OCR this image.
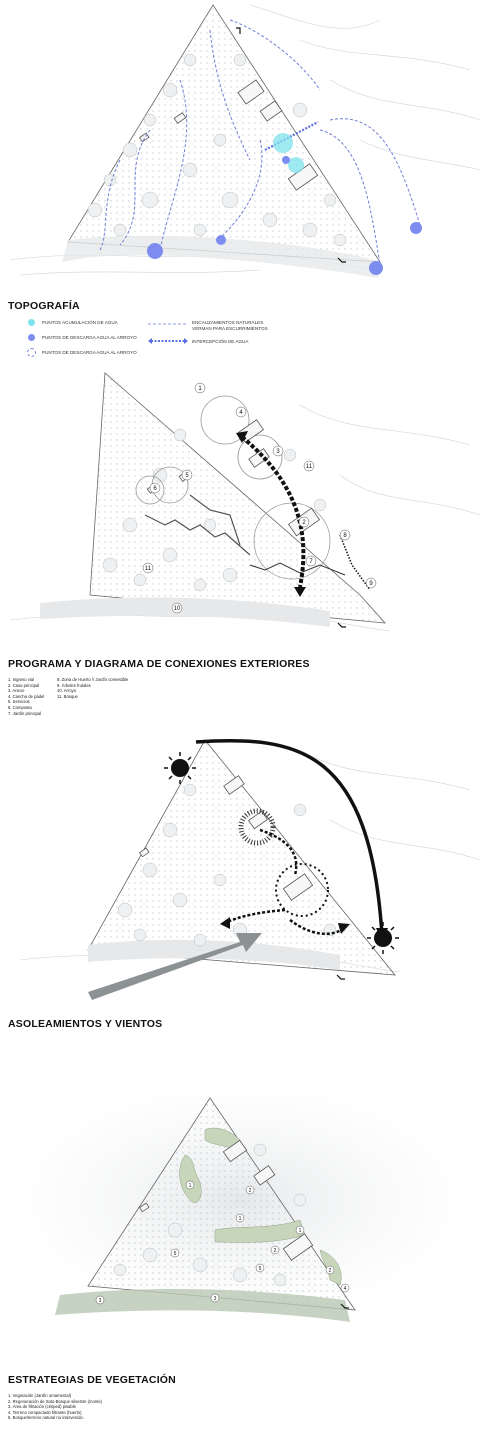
TOPOGRAFÍA
PUNTOS ACUMULACIÓN DE AGUA
PUNTOS DE DESCARGA AGUA AL ARROYO
PUNTOS DE DESCARGA AGUA AL ARROYO
ENCAUZAMIENTOS NATURALES
VERMAN PARA ESCURRIMIENTOS
INTERCEPCIÓN DE AGUA
1
2
3
4
5
6
7
8
9
10
11
11
PROGRAMA Y DIAGRAMA DE CONEXIONES EXTERIORES
1. Ingreso vial
2. Casa principal
3. Anexo
4. Cancha de pádel
5. Servicios
6. Composta
7. Jardín principal
8. Zona de Huerto // Jardín comestible
9. Árboles frutales
10. Arroyo
11. Bosque
ASOLEAMIENTOS Y VIENTOS
1
1
1
2
2
2
3
3
4
5
5
ESTRATEGIAS DE VEGETACIÓN
1. Vegetación (Jardín ornamental)
2. Regeneración de Soto-Bosque silvestre (monte)
3. Área de filtración (césped) pisable
4. Terreno compactado filtrante (huerto)
5. Bosque/terreno natural no intervenido.
